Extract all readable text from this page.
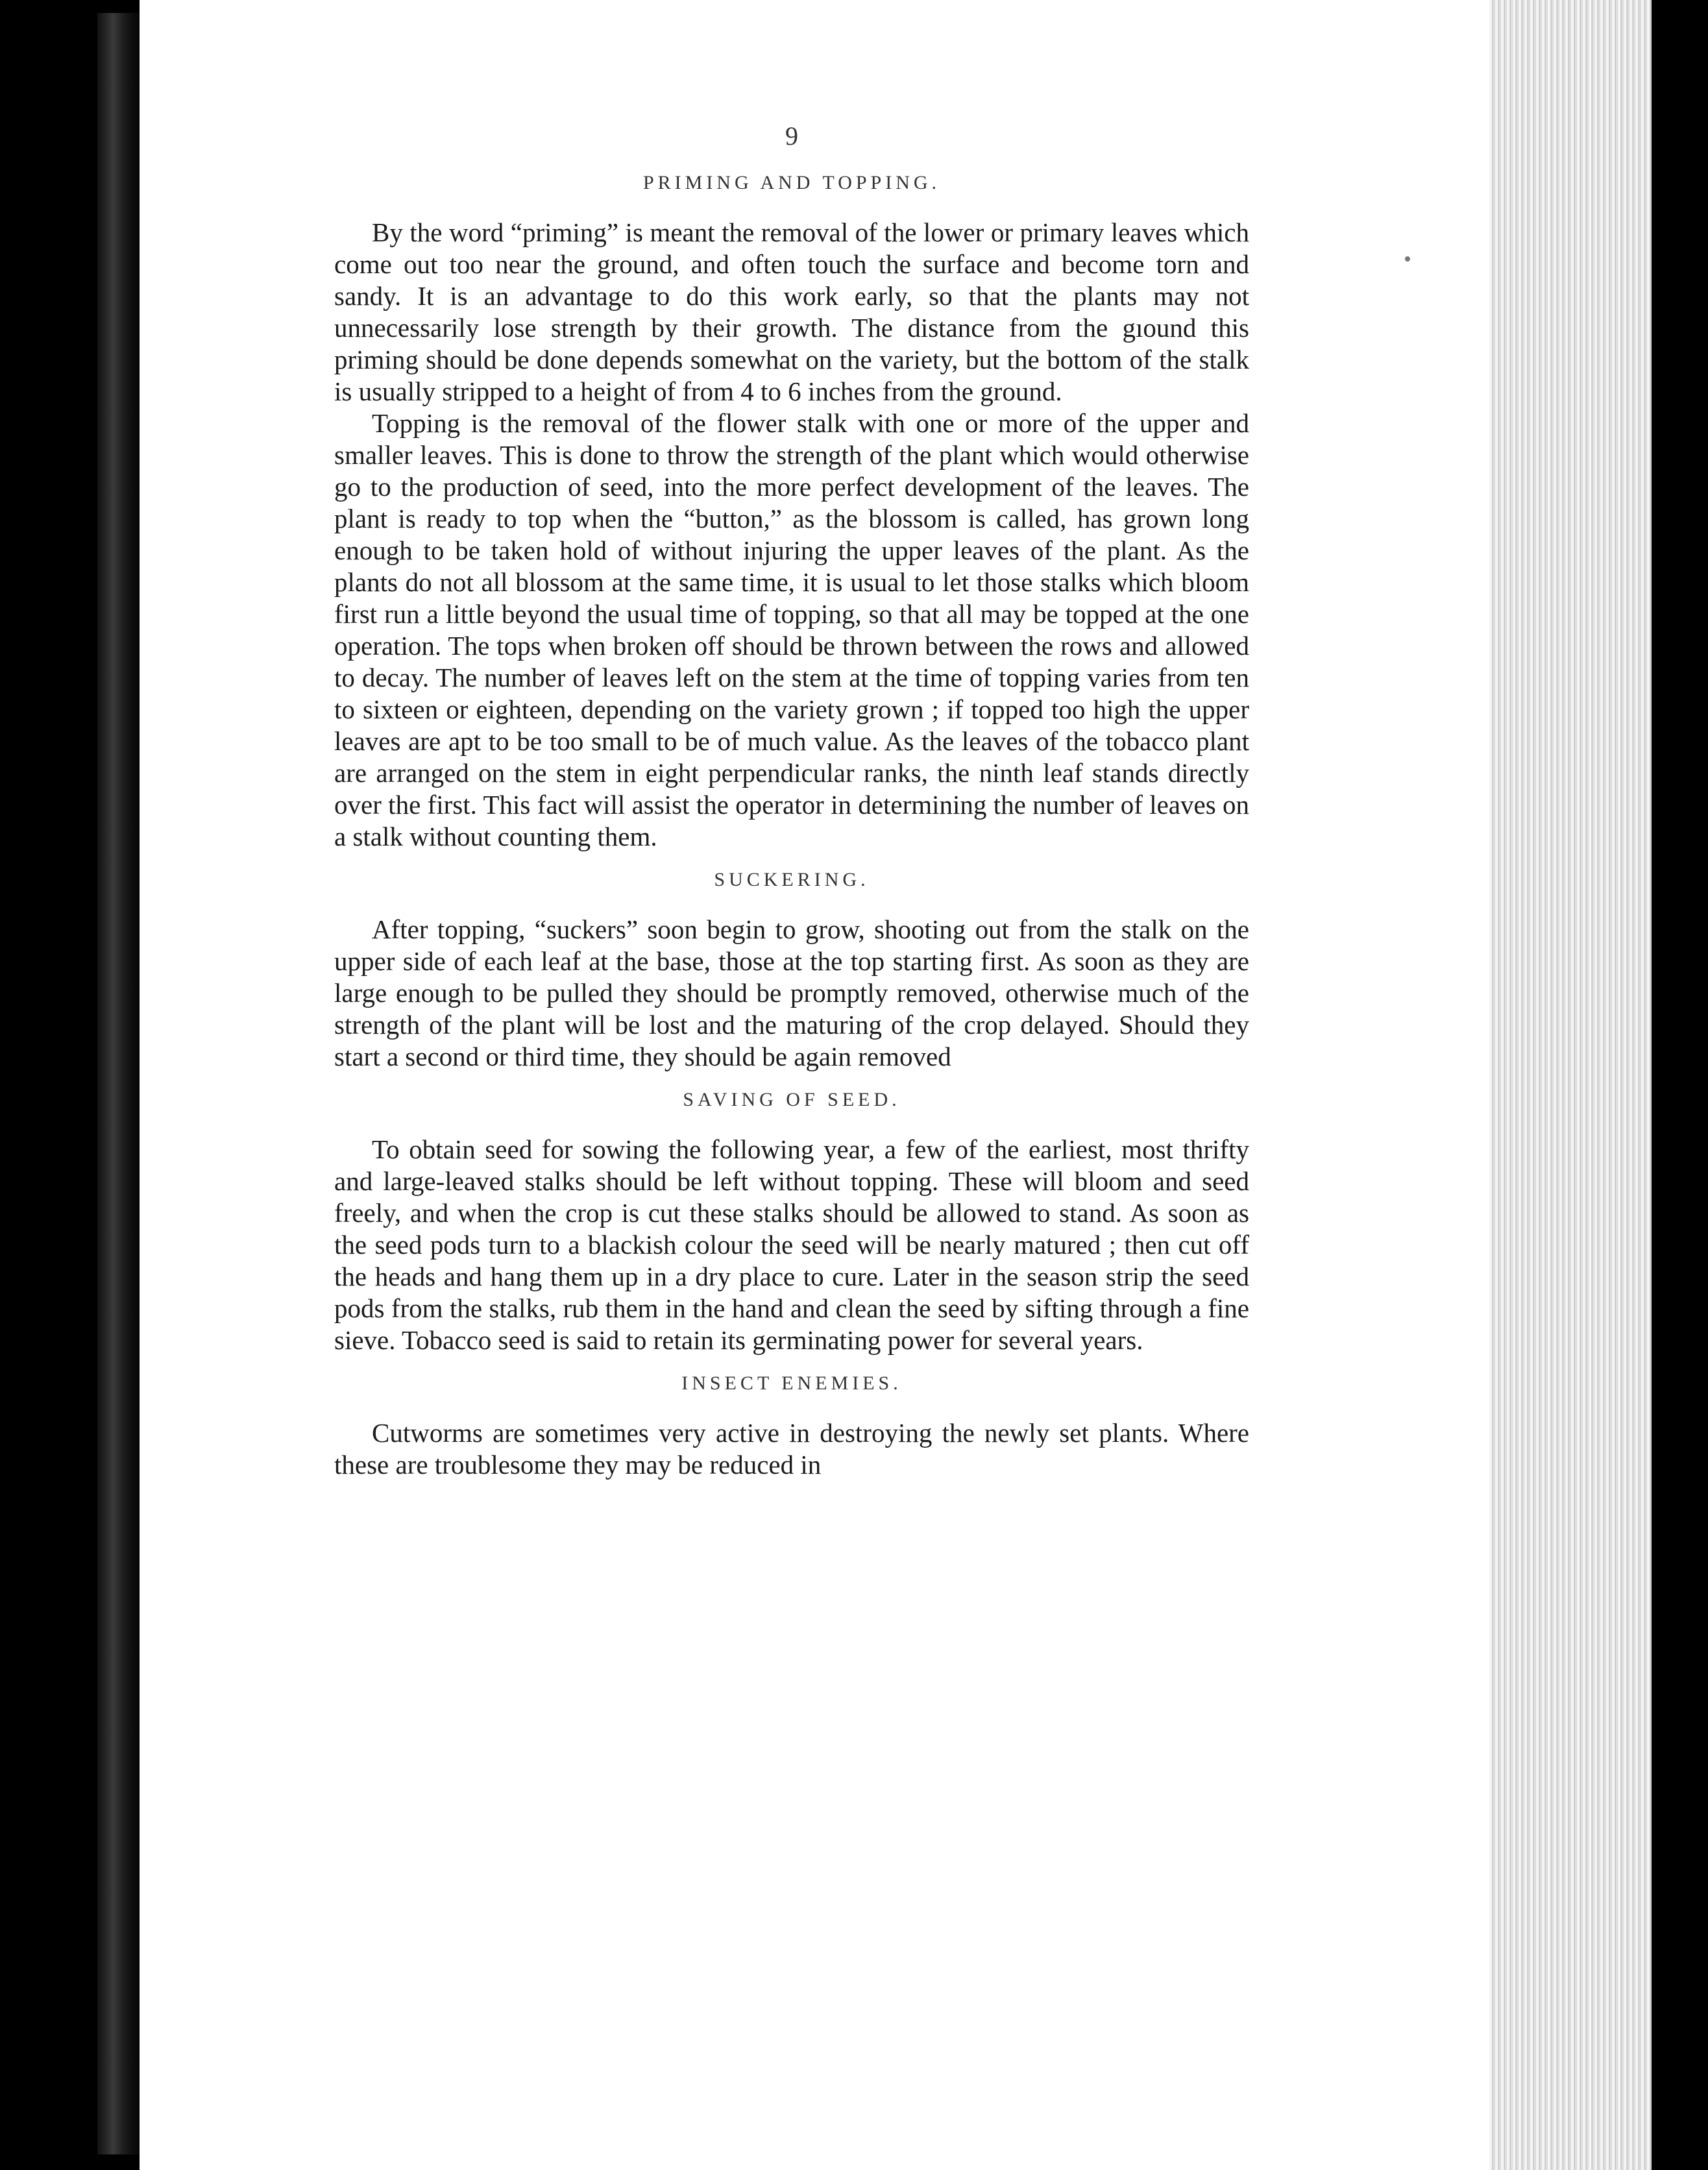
9
PRIMING AND TOPPING.

By the word “priming” is meant the removal of the lower or primary leaves which come out too near the ground, and often touch the surface and become torn and sandy. It is an advantage to do this work early, so that the plants may not unnecessarily lose strength by their growth. The distance from the gıound this priming should be done depends somewhat on the variety, but the bottom of the stalk is usually stripped to a height of from 4 to 6 inches from the ground.

Topping is the removal of the flower stalk with one or more of the upper and smaller leaves. This is done to throw the strength of the plant which would otherwise go to the production of seed, into the more perfect development of the leaves. The plant is ready to top when the “button,” as the blossom is called, has grown long enough to be taken hold of without injuring the upper leaves of the plant. As the plants do not all blossom at the same time, it is usual to let those stalks which bloom first run a little beyond the usual time of topping, so that all may be topped at the one operation. The tops when broken off should be thrown between the rows and allowed to decay. The number of leaves left on the stem at the time of topping varies from ten to sixteen or eighteen, depending on the variety grown ; if topped too high the upper leaves are apt to be too small to be of much value. As the leaves of the tobacco plant are arranged on the stem in eight perpendicular ranks, the ninth leaf stands directly over the first. This fact will assist the operator in determining the number of leaves on a stalk without counting them.

SUCKERING.

After topping, “suckers” soon begin to grow, shooting out from the stalk on the upper side of each leaf at the base, those at the top starting first. As soon as they are large enough to be pulled they should be promptly removed, otherwise much of the strength of the plant will be lost and the maturing of the crop delayed. Should they start a second or third time, they should be again removed

SAVING OF SEED.

To obtain seed for sowing the following year, a few of the earliest, most thrifty and large-leaved stalks should be left without topping. These will bloom and seed freely, and when the crop is cut these stalks should be allowed to stand. As soon as the seed pods turn to a blackish colour the seed will be nearly matured ; then cut off the heads and hang them up in a dry place to cure. Later in the season strip the seed pods from the stalks, rub them in the hand and clean the seed by sifting through a fine sieve. Tobacco seed is said to retain its germinating power for several years.

INSECT ENEMIES.

Cutworms are sometimes very active in destroying the newly set plants. Where these are troublesome they may be reduced in
